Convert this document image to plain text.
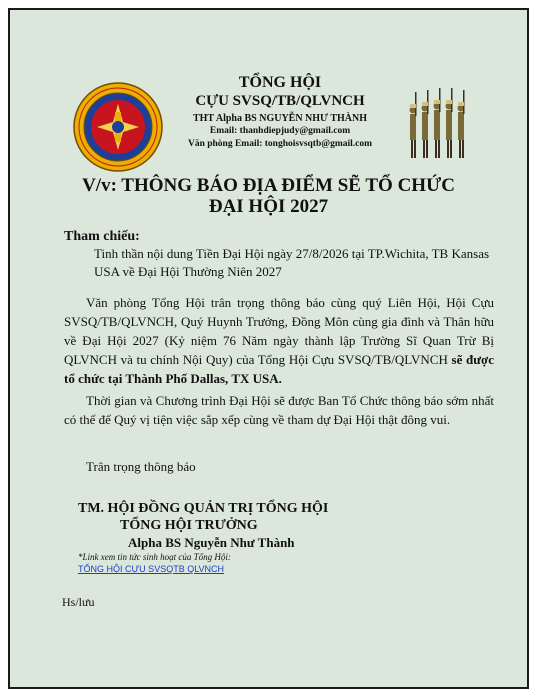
TỔNG HỘI
CỰU SVSQ/TB/QLVNCH
THT Alpha BS NGUYỄN NHƯ THÀNH
Email: thanhdiepjudy@gmail.com
Văn phòng Email: tonghoisvsqtb@gmail.com
V/v: THÔNG BÁO ĐỊA ĐIỂM SẼ TỔ CHỨC
ĐẠI HỘI 2027
Tham chiếu:
Tinh thần nội dung Tiền Đại Hội ngày 27/8/2026 tại TP.Wichita, TB Kansas USA về Đại Hội Thường Niên 2027
Văn phòng Tổng Hội trân trọng thông báo cùng quý Liên Hội, Hội Cựu SVSQ/TB/QLVNCH, Quý Huynh Trưởng, Đồng Môn cùng gia đình và Thân hữu về Đại Hội 2027 (Kỷ niệm 76 Năm ngày thành lập Trường Sĩ Quan Trừ Bị QLVNCH và tu chính Nội Quy) của Tổng Hội Cựu SVSQ/TB/QLVNCH sẽ được tổ chức tại Thành Phố Dallas, TX USA.
Thời gian và Chương trình Đại Hội sẽ được Ban Tổ Chức thông báo sớm nhất có thể để Quý vị tiện việc sắp xếp cùng về tham dự Đại Hội thật đông vui.
Trân trọng thông báo
TM. HỘI ĐỒNG QUẢN TRỊ TỔNG HỘI
TỔNG HỘI TRƯỞNG
Alpha BS Nguyễn Như Thành
*Link xem tin tức sinh hoạt của Tổng Hội:
TỔNG HỘI CỰU SVSQTB QLVNCH
Hs/lưu
